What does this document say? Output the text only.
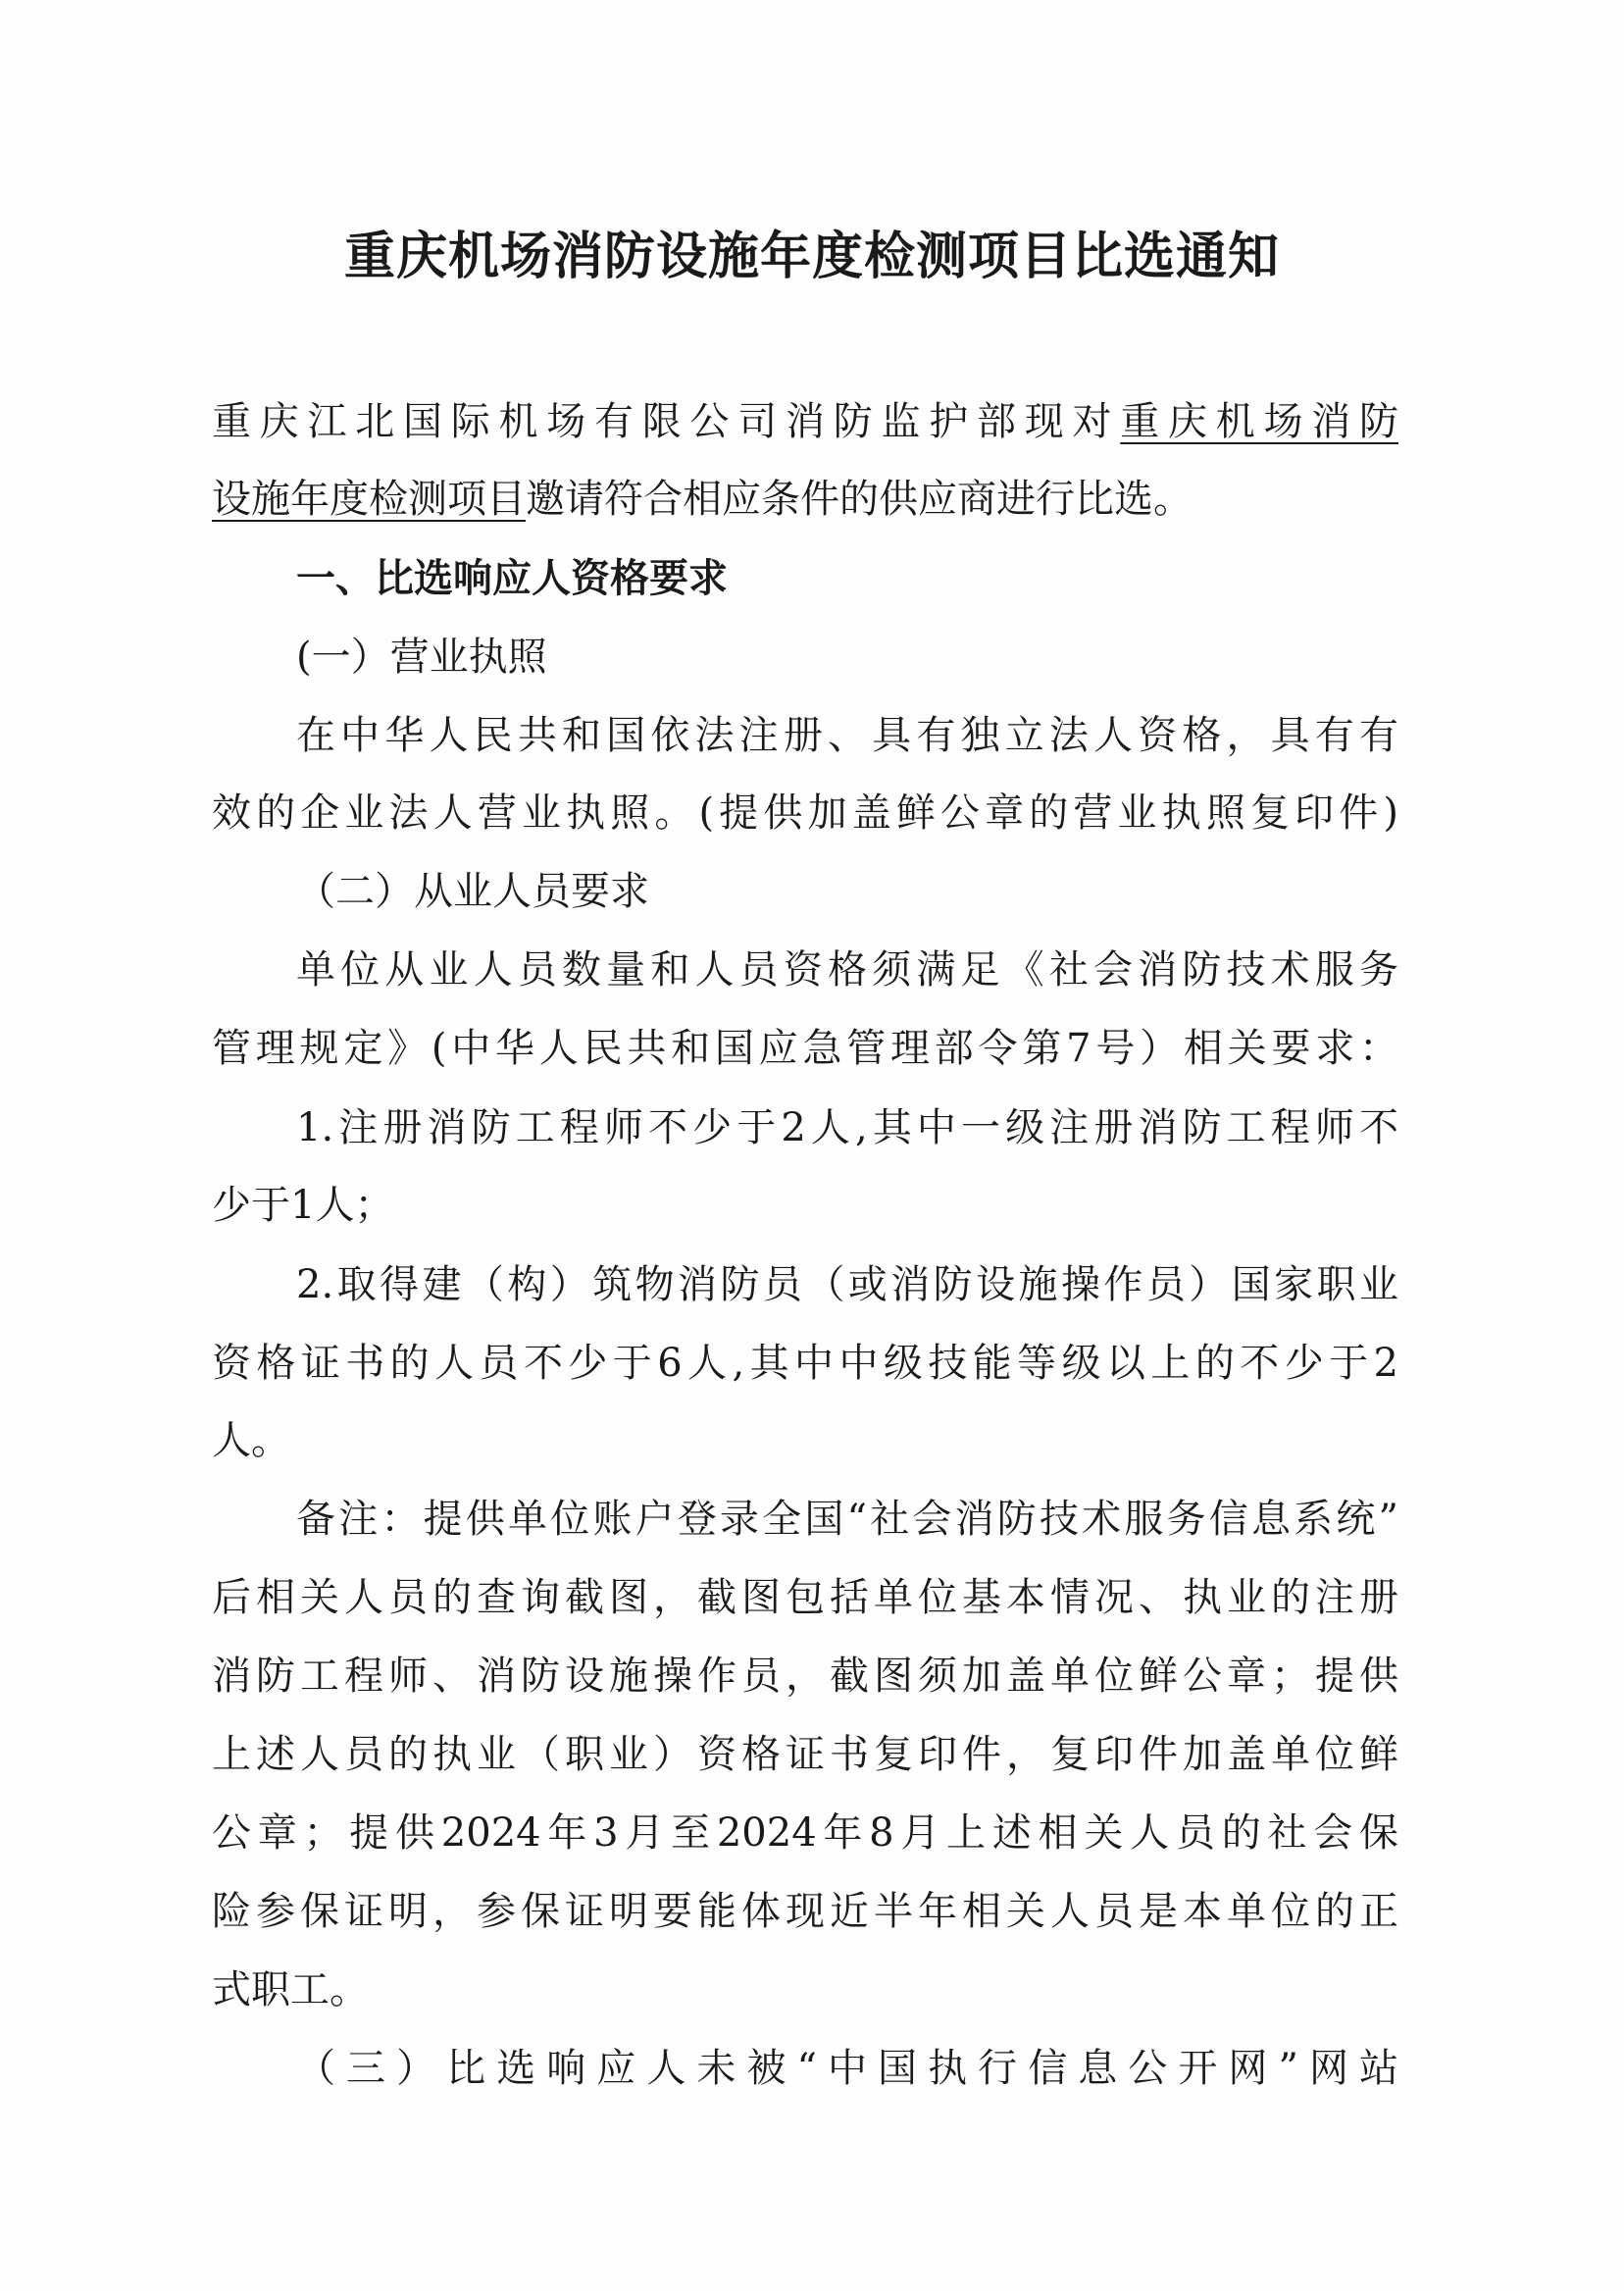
重庆机场消防设施年度检测项目比选通知
重庆江北国际机场有限公司消防监护部现对重庆机场消防
设施年度检测项目邀请符合相应条件的供应商进行比选。
一、比选响应人资格要求
(一）营业执照
在中华人民共和国依法注册、具有独立法人资格，具有有
效的企业法人营业执照。(提供加盖鲜公章的营业执照复印件)
（二）从业人员要求
单位从业人员数量和人员资格须满足《社会消防技术服务
管理规定》(中华人民共和国应急管理部令第7号）相关要求：
1.注册消防工程师不少于2人,其中一级注册消防工程师不
少于1人；
2.取得建（构）筑物消防员（或消防设施操作员）国家职业
资格证书的人员不少于6人,其中中级技能等级以上的不少于2
人。
备注：提供单位账户登录全国“社会消防技术服务信息系统”
后相关人员的查询截图，截图包括单位基本情况、执业的注册
消防工程师、消防设施操作员，截图须加盖单位鲜公章；提供
上述人员的执业（职业）资格证书复印件，复印件加盖单位鲜
公章；提供2024年3月至2024年8月上述相关人员的社会保
险参保证明，参保证明要能体现近半年相关人员是本单位的正
式职工。
（三）比选响应人未被“中国执行信息公开网”网站
